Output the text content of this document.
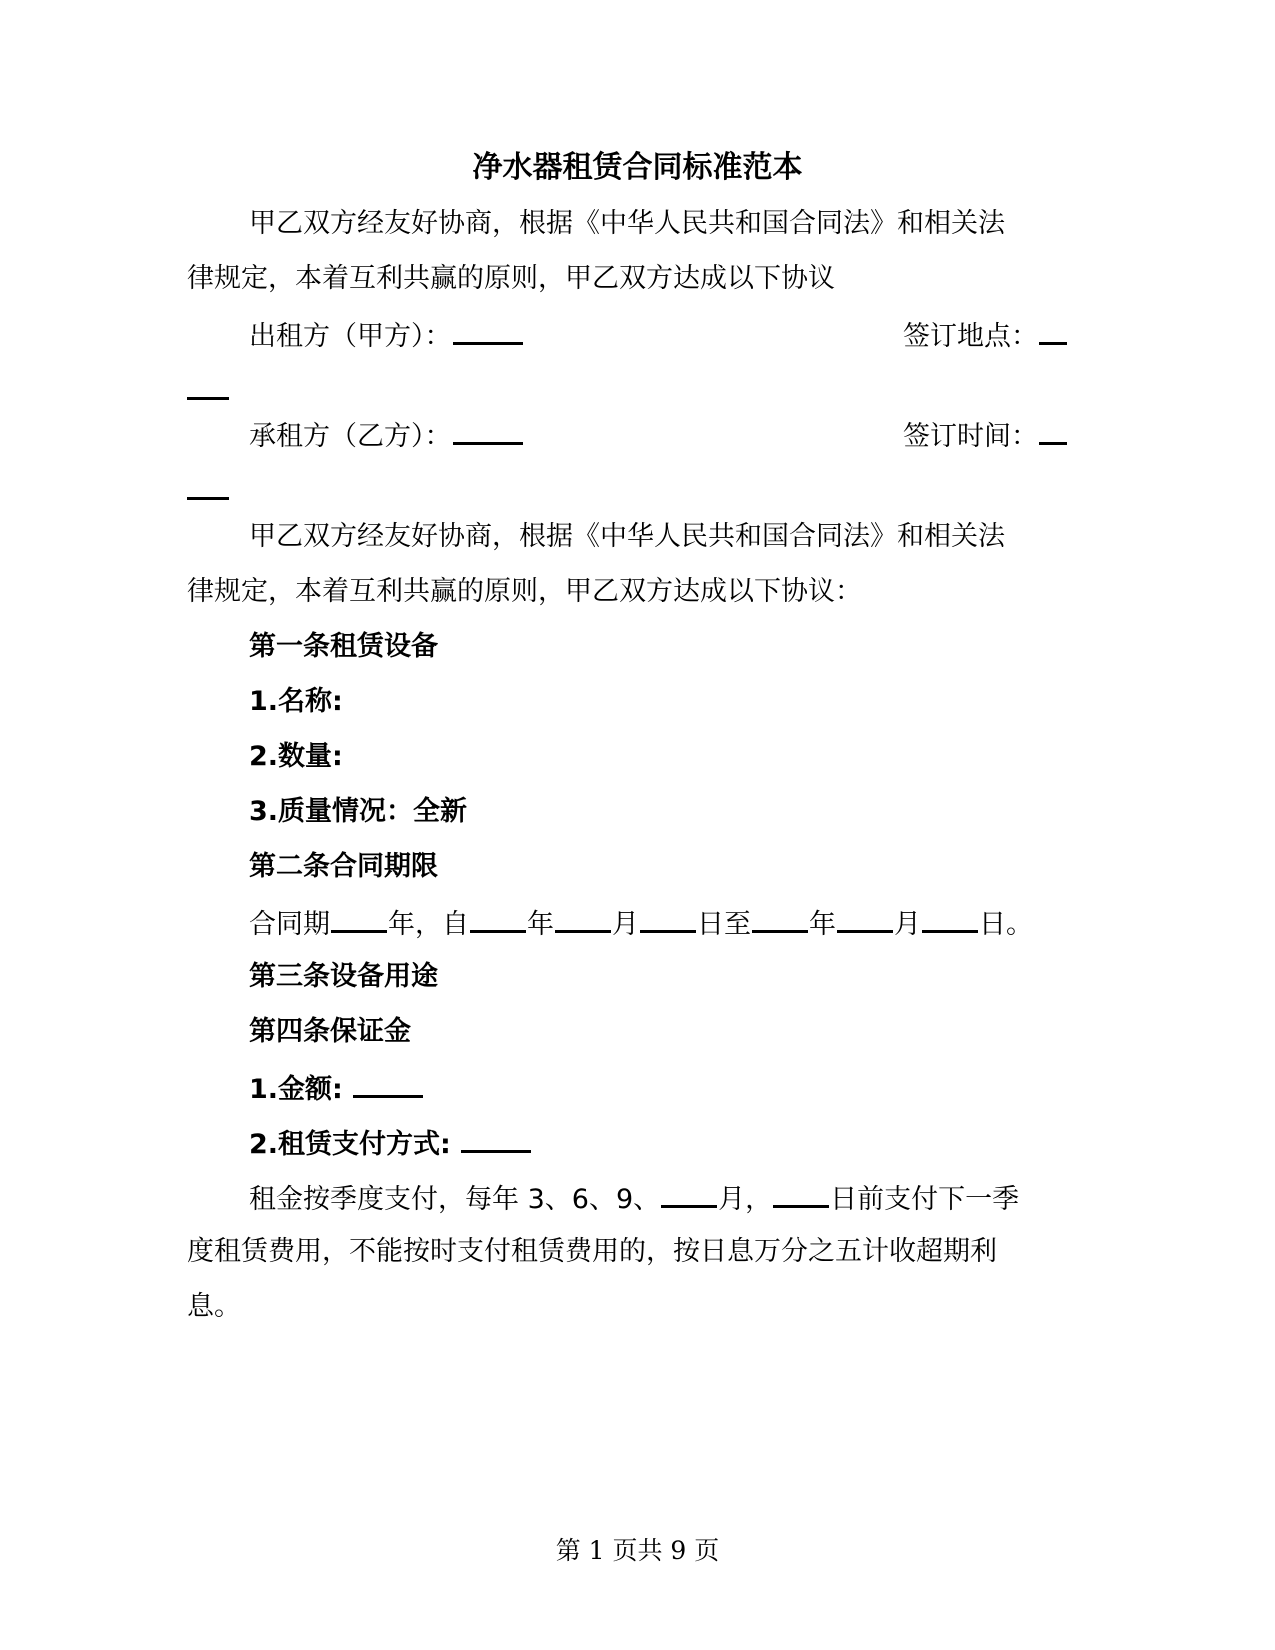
净水器租赁合同标准范本
甲乙双方经友好协商，根据《中华人民共和国合同法》和相关法
律规定，本着互利共赢的原则，甲乙双方达成以下协议
出租方（甲方）：	签订地点：
承租方（乙方）：	签订时间：
甲乙双方经友好协商，根据《中华人民共和国合同法》和相关法
律规定，本着互利共赢的原则，甲乙双方达成以下协议：
第一条租赁设备
1.名称:
2.数量:
3.质量情况：全新
第二条合同期限
合同期 年，自 年 月 日至 年 月 日。
第三条设备用途
第四条保证金
1.金额:
2.租赁支付方式:
租金按季度支付，每年 3、6、9、 月， 日前支付下一季
度租赁费用，不能按时支付租赁费用的，按日息万分之五计收超期利
息。
第 1 页共 9 页
